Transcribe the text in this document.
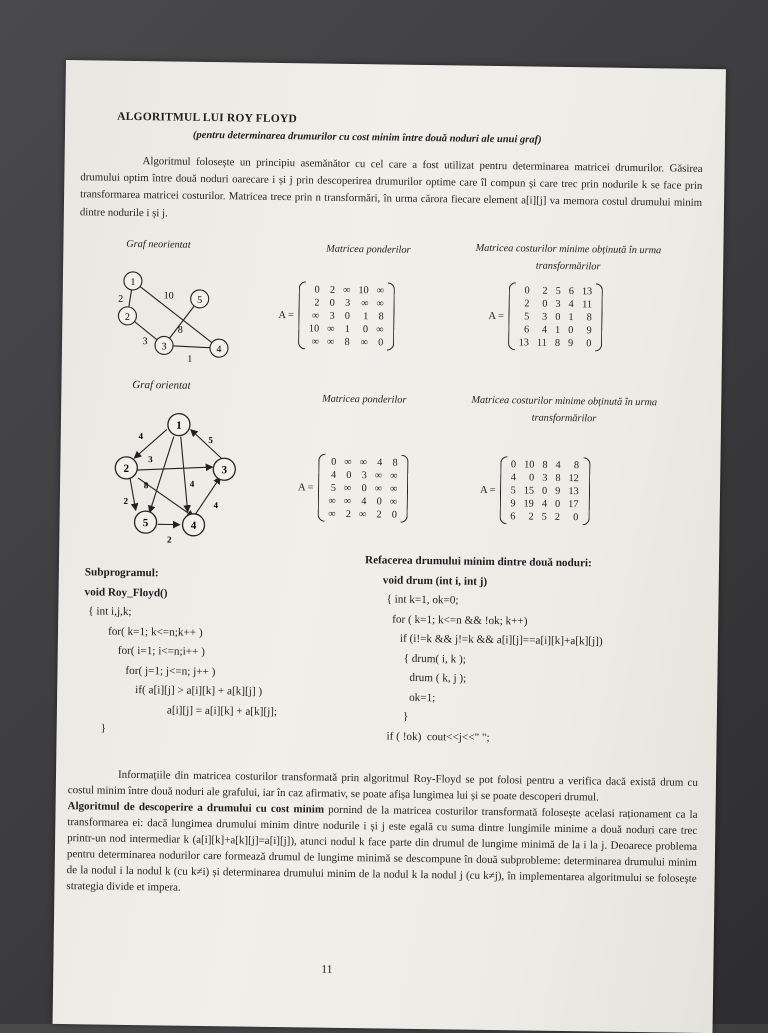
ALGORITMUL LUI ROY FLOYD
(pentru determinarea drumurilor cu cost minim între două noduri ale unui graf)

Algoritmul folosește un principiu asemănător cu cel care a fost utilizat pentru determinarea matricei drumurilor. Găsirea drumului optim între două noduri oarecare i și j prin descoperirea drumurilor optime care îl compun și care trec prin nodurile k se face prin transformarea matricei costurilor. Matricea trece prin n transformări, în urma cărora fiecare element a[i][j] va memora costul drumului minim dintre nodurile i și j.

Graf neorientat	Matricea ponderilor	Matricea costurilor minime obținută în urma transformărilor
1
2
3	4
5
2	10
8
3
1
A =
0	2	∞	10	∞
2	0	3	∞	∞
∞	3	0	1	8
10	∞	1	0	∞
∞	∞	8	∞	0
A =
0	2	5	6	13
2	0	3	4	11
5	3	0	1	8
6	4	1	0	9
13	11	8	9	0
Graf orientat
Matricea ponderilor	Matricea costurilor minime obținută în urma transformărilor
1
2	3
4
5
4	5
3
8	4
2	4
2
A =
0	∞	∞	4	8
4	0	3	∞	∞
5	∞	0	∞	∞
∞	∞	4	0	∞
∞	2	∞	2	0
A =
0	10	8	4	8
4	0	3	8	12
5	15	0	9	13
9	19	4	0	17
6	2	5	2	0
Subprogramul:
void Roy_Floyd()
{ int i,j,k;
for( k=1; k<=n;k++ )
for( i=1; i<=n;i++ )
for( j=1; j<=n; j++ )
if( a[i][j] > a[i][k] + a[k][j] )
a[i][j] = a[i][k] + a[k][j];
}
Refacerea drumului minim dintre două noduri:
void drum (int i, int j)
{ int k=1, ok=0;
for ( k=1; k<=n && !ok; k++)
if (i!=k && j!=k && a[i][j]==a[i][k]+a[k][j])
{ drum( i, k );
drum ( k, j );
ok=1;
}
if ( !ok)  cout<<j<<" ";

Informațiile din matricea costurilor transformată prin algoritmul Roy-Floyd se pot folosi pentru a verifica dacă există drum cu costul minim între două noduri ale grafului, iar în caz afirmativ, se poate afișa lungimea lui și se poate descoperi drumul.

Algoritmul de descoperire a drumului cu cost minim pornind de la matricea costurilor transformată folosește acelasi raționament ca la transformarea ei: dacă lungimea drumului minim dintre nodurile i și j este egală cu suma dintre lungimile minime a două noduri care trec printr-un nod intermediar k (a[i][k]+a[k][j]=a[i][j]), atunci nodul k face parte din drumul de lungime minimă de la i la j. Deoarece problema pentru determinarea nodurilor care formează drumul de lungime minimă se descompune în două subprobleme: determinarea drumului minim de la nodul i la nodul k (cu k≠i) și determinarea drumului minim de la nodul k la nodul j (cu k≠j), în implementarea algoritmului se folosește strategia divide et impera.

11
